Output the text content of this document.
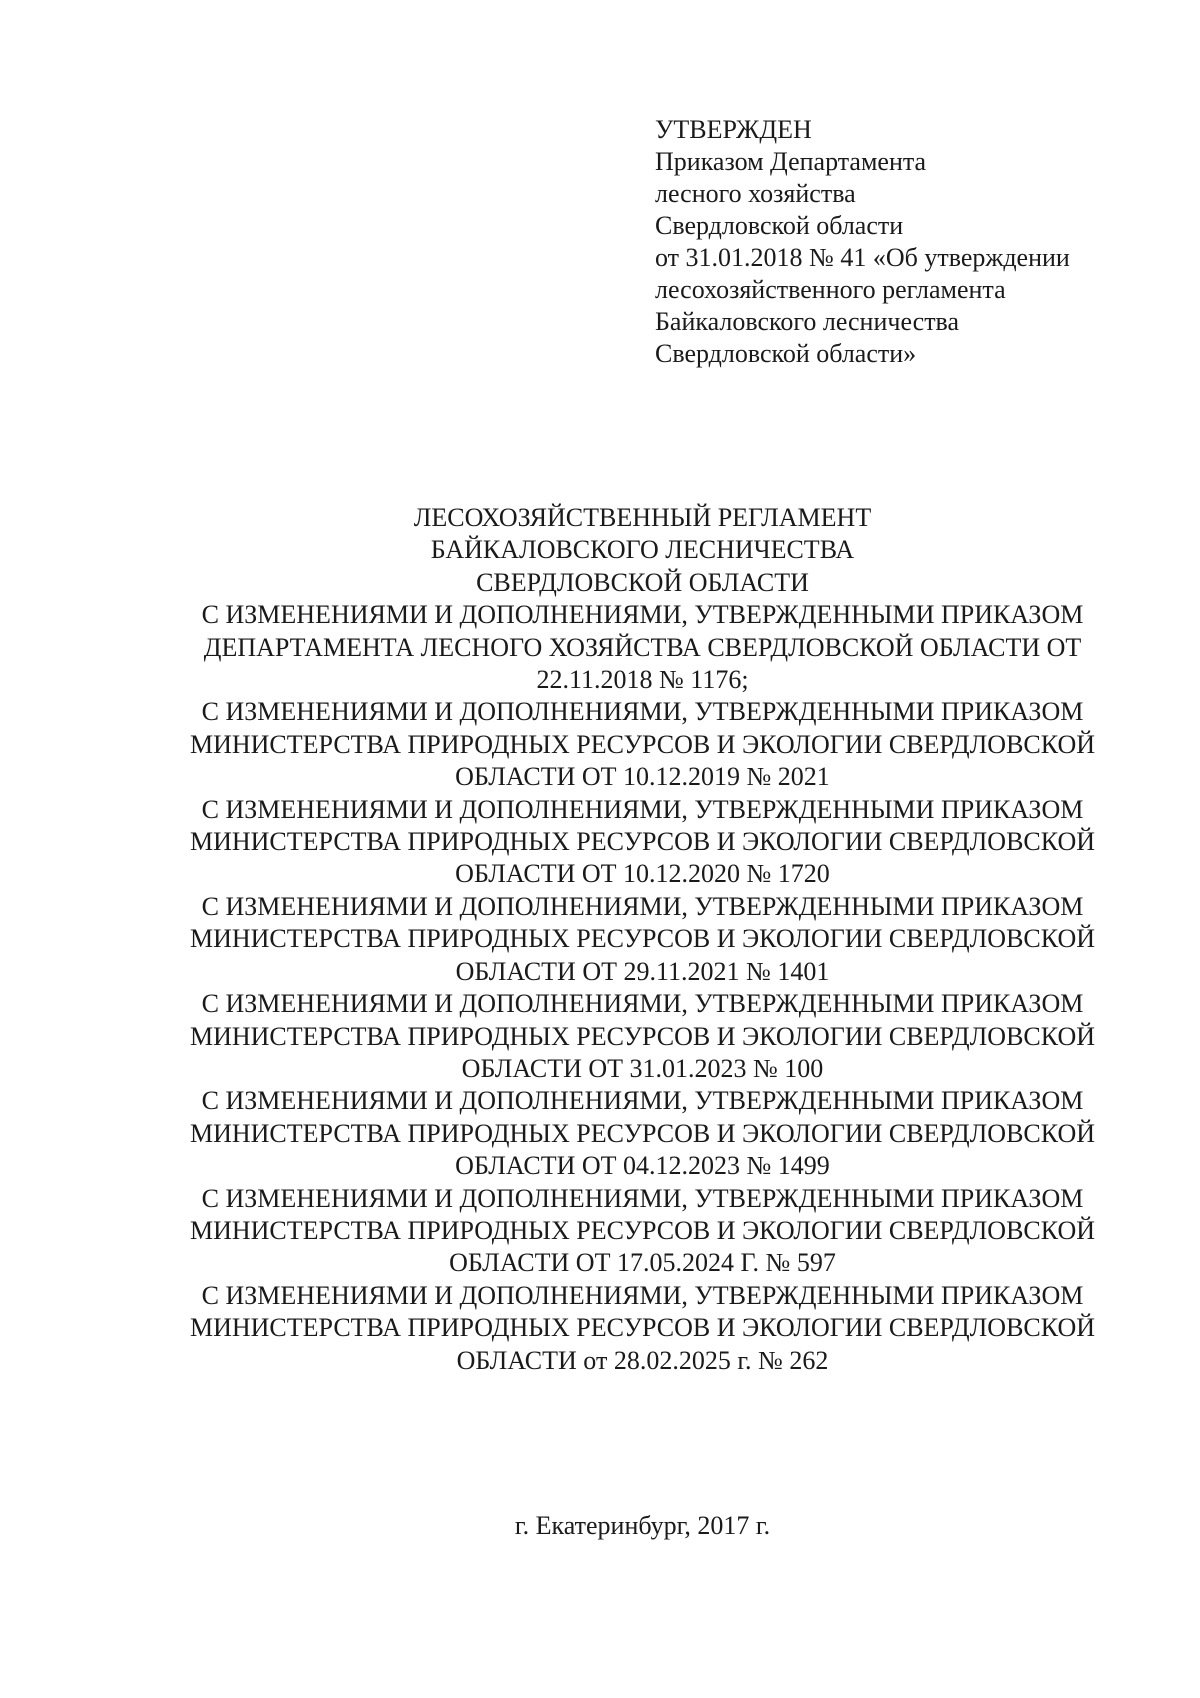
УТВЕРЖДЕН
Приказом Департамента
лесного хозяйства
Свердловской области
от 31.01.2018 № 41 «Об утверждении
лесохозяйственного регламента
Байкаловского лесничества
Свердловской области»
ЛЕСОХОЗЯЙСТВЕННЫЙ РЕГЛАМЕНТ
БАЙКАЛОВСКОГО ЛЕСНИЧЕСТВА
СВЕРДЛОВСКОЙ ОБЛАСТИ
С ИЗМЕНЕНИЯМИ И ДОПОЛНЕНИЯМИ, УТВЕРЖДЕННЫМИ ПРИКАЗОМ
ДЕПАРТАМЕНТА ЛЕСНОГО ХОЗЯЙСТВА СВЕРДЛОВСКОЙ ОБЛАСТИ ОТ
22.11.2018 № 1176;
С ИЗМЕНЕНИЯМИ И ДОПОЛНЕНИЯМИ, УТВЕРЖДЕННЫМИ ПРИКАЗОМ
МИНИСТЕРСТВА ПРИРОДНЫХ РЕСУРСОВ И ЭКОЛОГИИ СВЕРДЛОВСКОЙ
ОБЛАСТИ ОТ 10.12.2019 № 2021
С ИЗМЕНЕНИЯМИ И ДОПОЛНЕНИЯМИ, УТВЕРЖДЕННЫМИ ПРИКАЗОМ
МИНИСТЕРСТВА ПРИРОДНЫХ РЕСУРСОВ И ЭКОЛОГИИ СВЕРДЛОВСКОЙ
ОБЛАСТИ ОТ 10.12.2020 № 1720
С ИЗМЕНЕНИЯМИ И ДОПОЛНЕНИЯМИ, УТВЕРЖДЕННЫМИ ПРИКАЗОМ
МИНИСТЕРСТВА ПРИРОДНЫХ РЕСУРСОВ И ЭКОЛОГИИ СВЕРДЛОВСКОЙ
ОБЛАСТИ ОТ 29.11.2021 № 1401
С ИЗМЕНЕНИЯМИ И ДОПОЛНЕНИЯМИ, УТВЕРЖДЕННЫМИ ПРИКАЗОМ
МИНИСТЕРСТВА ПРИРОДНЫХ РЕСУРСОВ И ЭКОЛОГИИ СВЕРДЛОВСКОЙ
ОБЛАСТИ ОТ 31.01.2023 № 100
С ИЗМЕНЕНИЯМИ И ДОПОЛНЕНИЯМИ, УТВЕРЖДЕННЫМИ ПРИКАЗОМ
МИНИСТЕРСТВА ПРИРОДНЫХ РЕСУРСОВ И ЭКОЛОГИИ СВЕРДЛОВСКОЙ
ОБЛАСТИ ОТ 04.12.2023 № 1499
С ИЗМЕНЕНИЯМИ И ДОПОЛНЕНИЯМИ, УТВЕРЖДЕННЫМИ ПРИКАЗОМ
МИНИСТЕРСТВА ПРИРОДНЫХ РЕСУРСОВ И ЭКОЛОГИИ СВЕРДЛОВСКОЙ
ОБЛАСТИ ОТ 17.05.2024 Г. № 597
С ИЗМЕНЕНИЯМИ И ДОПОЛНЕНИЯМИ, УТВЕРЖДЕННЫМИ ПРИКАЗОМ
МИНИСТЕРСТВА ПРИРОДНЫХ РЕСУРСОВ И ЭКОЛОГИИ СВЕРДЛОВСКОЙ
ОБЛАСТИ от 28.02.2025 г. № 262
г. Екатеринбург, 2017 г.
